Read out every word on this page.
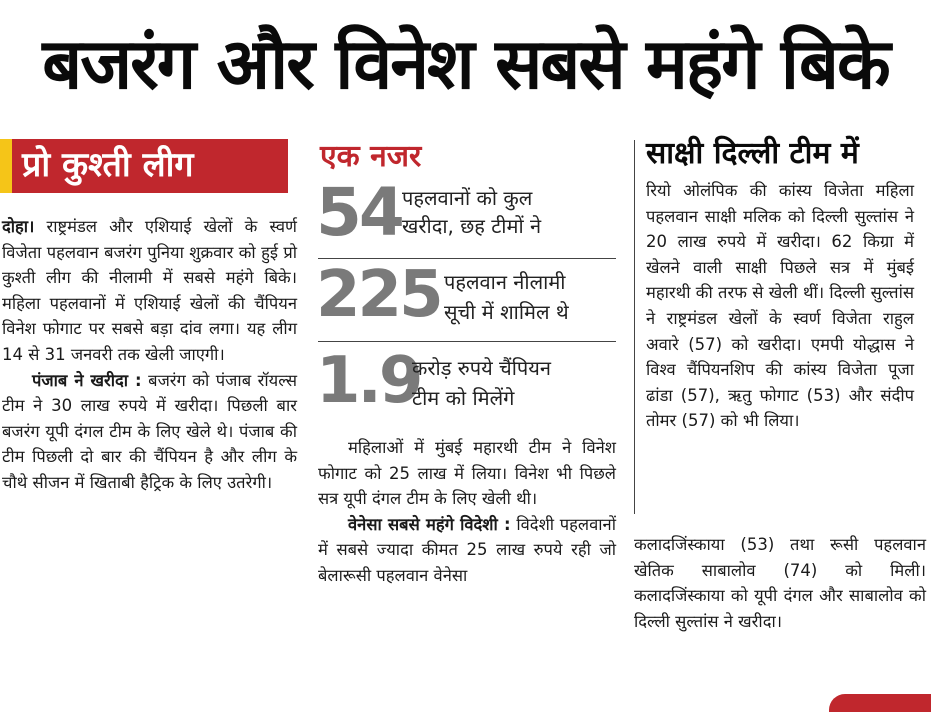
बजरंग और विनेश सबसे महंगे बिके
प्रो कुश्ती लीग

दोहा। राष्ट्रमंडल और एशियाई खेलों के स्वर्ण विजेता पहलवान बजरंग पुनिया शुक्रवार को हुई प्रो कुश्ती लीग की नीलामी में सबसे महंगे बिके। महिला पहलवानों में एशियाई खेलों की चैंपियन विनेश फोगाट पर सबसे बड़ा दांव लगा। यह लीग 14 से 31 जनवरी तक खेली जाएगी।

पंजाब ने खरीदा : बजरंग को पंजाब रॉयल्स टीम ने 30 लाख रुपये में खरीदा। पिछली बार बजरंग यूपी दंगल टीम के लिए खेले थे। पंजाब की टीम पिछली दो बार की चैंपियन है और लीग के चौथे सीजन में खिताबी हैट्रिक के लिए उतरेगी।

एक नजर
54 पहलवानों को कुल
खरीदा, छह टीमों ने
225 पहलवान नीलामी
सूची में शामिल थे
1.9
करोड़ रुपये चैंपियन
टीम को मिलेंगे

महिलाओं में मुंबई महारथी टीम ने विनेश फोगाट को 25 लाख में लिया। विनेश भी पिछले सत्र यूपी दंगल टीम के लिए खेली थी।

वेनेसा सबसे महंगे विदेशी : विदेशी पहलवानों में सबसे ज्यादा कीमत 25 लाख रुपये रही जो बेलारूसी पहलवान वेनेसा

साक्षी दिल्ली टीम में

रियो ओलंपिक की कांस्य विजेता महिला पहलवान साक्षी मलिक को दिल्ली सुल्तांस ने 20 लाख रुपये में खरीदा। 62 किग्रा में खेलने वाली साक्षी पिछले सत्र में मुंबई महारथी की तरफ से खेली थीं। दिल्ली सुल्तांस ने राष्ट्रमंडल खेलों के स्वर्ण विजेता राहुल अवारे (57) को खरीदा। एमपी योद्धास ने विश्व चैंपियनशिप की कांस्य विजेता पूजा ढांडा (57), ऋतु फोगाट (53) और संदीप तोमर (57) को भी लिया।

कलादजिंस्काया (53) तथा रूसी पहलवान खेतिक साबालोव (74) को मिली। कलादजिंस्काया को यूपी दंगल और साबालोव को दिल्ली सुल्तांस ने खरीदा।
